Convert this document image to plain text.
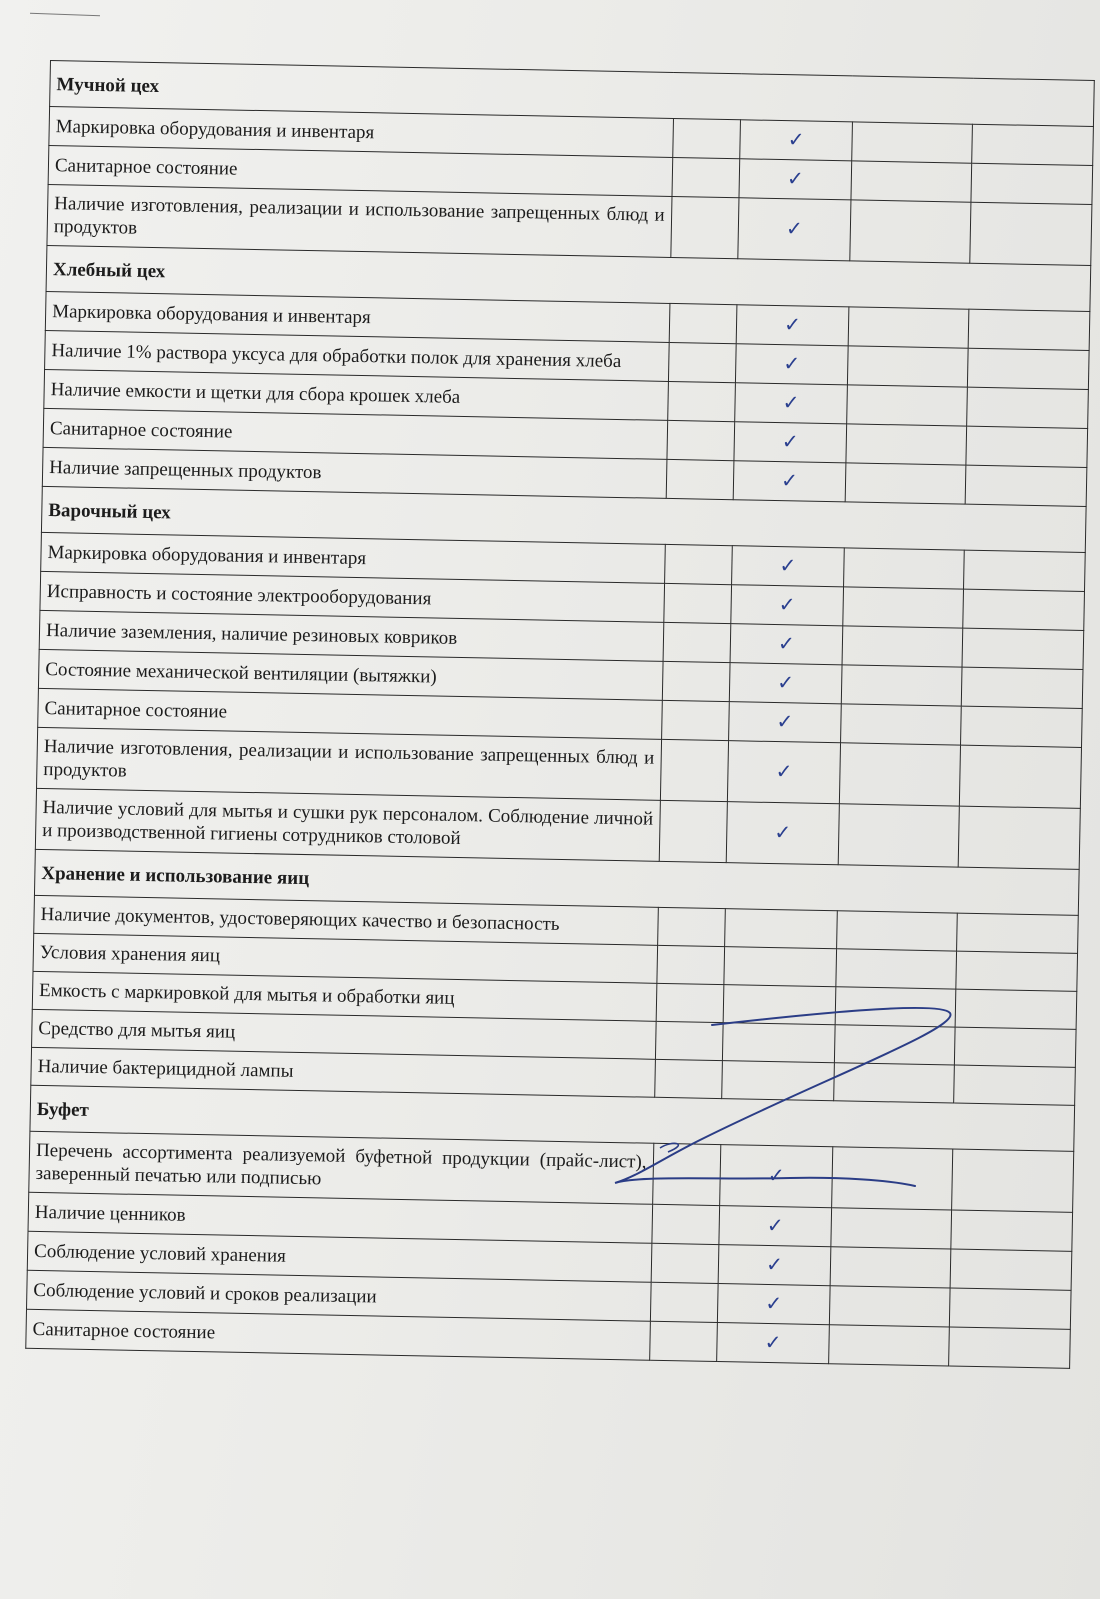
Мучной цех				
Маркировка оборудования и инвентаря		✓		
Санитарное состояние		✓		
Наличие изготовления, реализации и использование запрещенных блюд и продуктов		✓		
Хлебный цех				
Маркировка оборудования и инвентаря		✓		
Наличие 1% раствора уксуса для обработки полок для хранения хлеба		✓		
Наличие емкости и щетки для сбора крошек хлеба		✓		
Санитарное состояние		✓		
Наличие запрещенных продуктов		✓		
Варочный цех				
Маркировка оборудования и инвентаря		✓		
Исправность и состояние электрооборудования		✓		
Наличие заземления, наличие резиновых ковриков		✓		
Состояние механической вентиляции (вытяжки)		✓		
Санитарное состояние		✓		
Наличие изготовления, реализации и использование запрещенных блюд и продуктов		✓		
Наличие условий для мытья и сушки рук персоналом. Соблюдение личной и производственной гигиены сотрудников столовой		✓		
Хранение и использование яиц				
Наличие документов, удостоверяющих качество и безопасность				
Условия хранения яиц				
Емкость с маркировкой для мытья и обработки яиц				
Средство для мытья яиц				
Наличие бактерицидной лампы				
Буфет				
Перечень ассортимента реализуемой буфетной продукции (прайс-лист), заверенный печатью или подписью		✓		
Наличие ценников		✓		
Соблюдение условий хранения		✓		
Соблюдение условий и сроков реализации		✓		
Санитарное состояние		✓		
